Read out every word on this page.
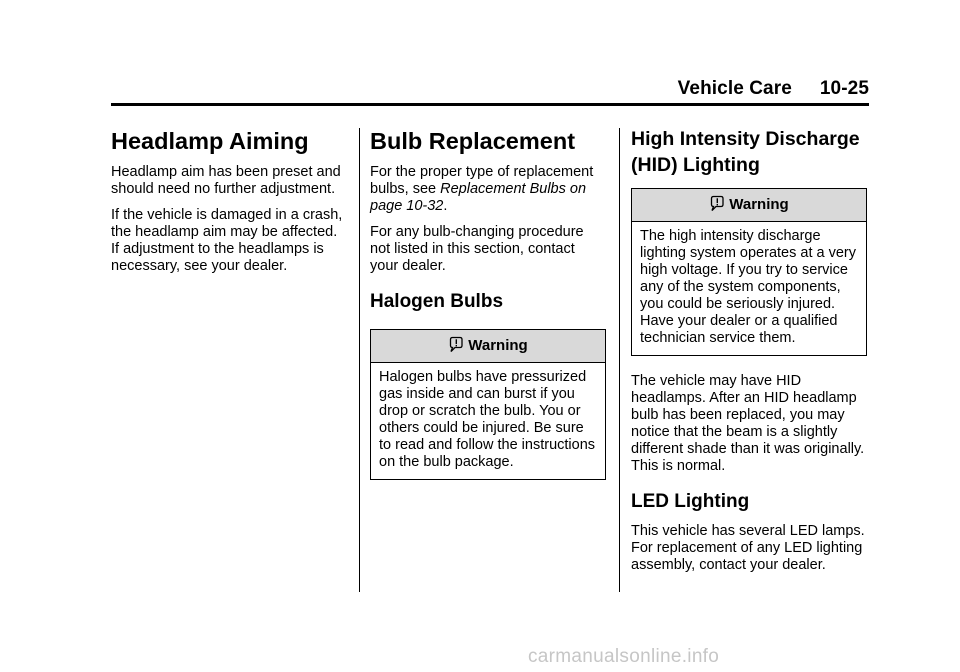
Vehicle Care 10-25
Headlamp Aiming

Headlamp aim has been preset and
should need no further adjustment.

If the vehicle is damaged in a crash,
the headlamp aim may be affected.
If adjustment to the headlamps is
necessary, see your dealer.

Bulb Replacement

For the proper type of replacement
bulbs, see Replacement Bulbs on
page 10-32.

For any bulb-changing procedure
not listed in this section, contact
your dealer.

Halogen Bulbs
Warning
Halogen bulbs have pressurized
gas inside and can burst if you
drop or scratch the bulb. You or
others could be injured. Be sure
to read and follow the instructions
on the bulb package.
High Intensity Discharge
(HID) Lighting
Warning
The high intensity discharge
lighting system operates at a very
high voltage. If you try to service
any of the system components,
you could be seriously injured.
Have your dealer or a qualified
technician service them.

The vehicle may have HID
headlamps. After an HID headlamp
bulb has been replaced, you may
notice that the beam is a slightly
different shade than it was originally.
This is normal.

LED Lighting

This vehicle has several LED lamps.
For replacement of any LED lighting
assembly, contact your dealer.

carmanualsonline.info
